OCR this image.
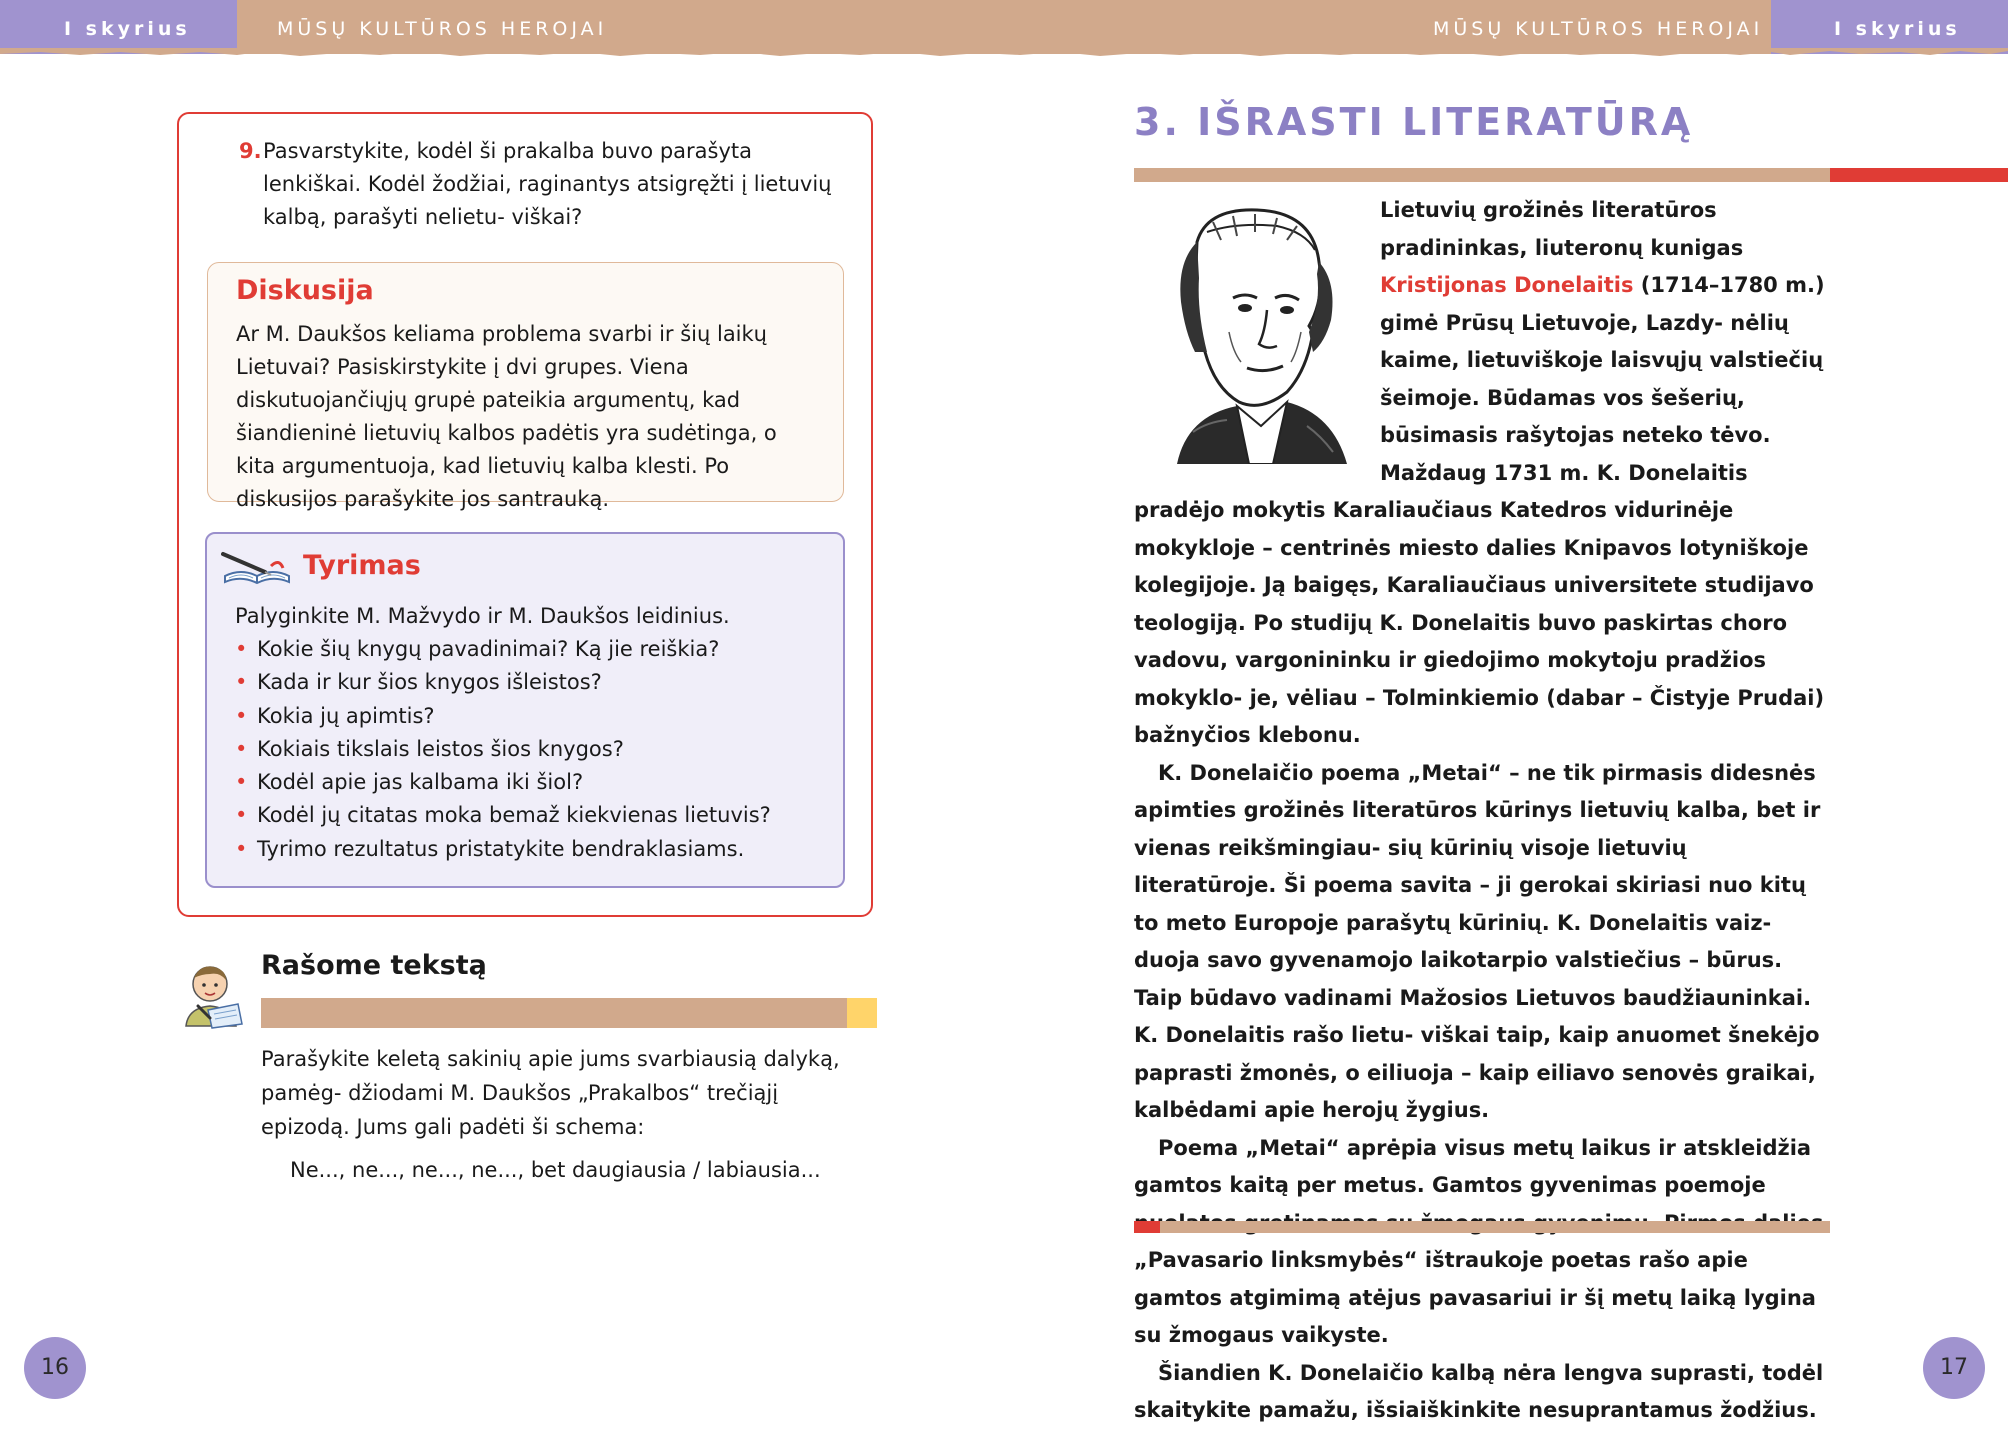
I skyrius	MŪSŲ KULTŪROS HEROJAI	MŪSŲ KULTŪROS HEROJAI	I skyrius
9. Pasvarstykite, kodėl ši prakalba buvo parašyta lenkiškai. Kodėl žodžiai, raginantys atsigręžti į lietuvių kalbą, parašyti nelietu- viškai?
Diskusija
Ar M. Daukšos keliama problema svarbi ir šių laikų Lietuvai? Pasiskirstykite į dvi grupes. Viena diskutuojančiųjų grupė pateikia argumentų, kad šiandieninė lietuvių kalbos padėtis yra sudėtinga, o kita argumentuoja, kad lietuvių kalba klesti. Po diskusijos parašykite jos santrauką.
Tyrimas
Palyginkite M. Mažvydo ir M. Daukšos leidinius.
• Kokie šių knygų pavadinimai? Ką jie reiškia?
• Kada ir kur šios knygos išleistos?
• Kokia jų apimtis?
• Kokiais tikslais leistos šios knygos?
• Kodėl apie jas kalbama iki šiol?
• Kodėl jų citatas moka bemaž kiekvienas lietuvis?
• Tyrimo rezultatus pristatykite bendraklasiams.
Rašome tekstą
Parašykite keletą sakinių apie jums svarbiausią dalyką, pamėg- džiodami M. Daukšos „Prakalbos“ trečiąjį epizodą. Jums gali padėti ši schema:
Ne..., ne..., ne..., ne..., bet daugiausia / labiausia...
16
3. IŠRASTI LITERATŪRĄ

Lietuvių grožinės literatūros pradininkas, liuteronų kunigas Kristijonas Donelaitis (1714–1780 m.) gimė Prūsų Lietuvoje, Lazdy- nėlių kaime, lietuviškoje laisvųjų valstiečių šeimoje. Būdamas vos šešerių, būsimasis rašytojas neteko tėvo. Maždaug 1731 m. K. Donelaitis pradėjo mokytis Karaliaučiaus Katedros vidurinėje mokykloje – centrinės miesto dalies Knipavos lotyniškoje kolegijoje. Ją baigęs, Karaliaučiaus universitete studijavo teologiją. Po studijų K. Donelaitis buvo paskirtas choro vadovu, vargonininku ir giedojimo mokytoju pradžios mokyklo- je, vėliau – Tolminkiemio (dabar – Čistyje Prudai) bažnyčios klebonu.

K. Donelaičio poema „Metai“ – ne tik pirmasis didesnės apimties grožinės literatūros kūrinys lietuvių kalba, bet ir vienas reikšmingiau- sių kūrinių visoje lietuvių literatūroje. Ši poema savita – ji gerokai skiriasi nuo kitų to meto Europoje parašytų kūrinių. K. Donelaitis vaiz- duoja savo gyvenamojo laikotarpio valstiečius – būrus. Taip būdavo vadinami Mažosios Lietuvos baudžiauninkai. K. Donelaitis rašo lietu- viškai taip, kaip anuomet šnekėjo paprasti žmonės, o eiliuoja – kaip eiliavo senovės graikai, kalbėdami apie herojų žygius.

Poema „Metai“ aprėpia visus metų laikus ir atskleidžia gamtos kaitą per metus. Gamtos gyvenimas poemoje „Pavasario linksmybės“ ištraukoje poetas rašo apie gamtos atgimimą atėjus pavasariui ir šį metų laiką lygina su žmogaus vaikyste.

Šiandien K. Donelaičio kalbą nėra lengva suprasti, todėl skaitykite pamažu, išsiaiškinkite nesuprantamus žodžius.

17
